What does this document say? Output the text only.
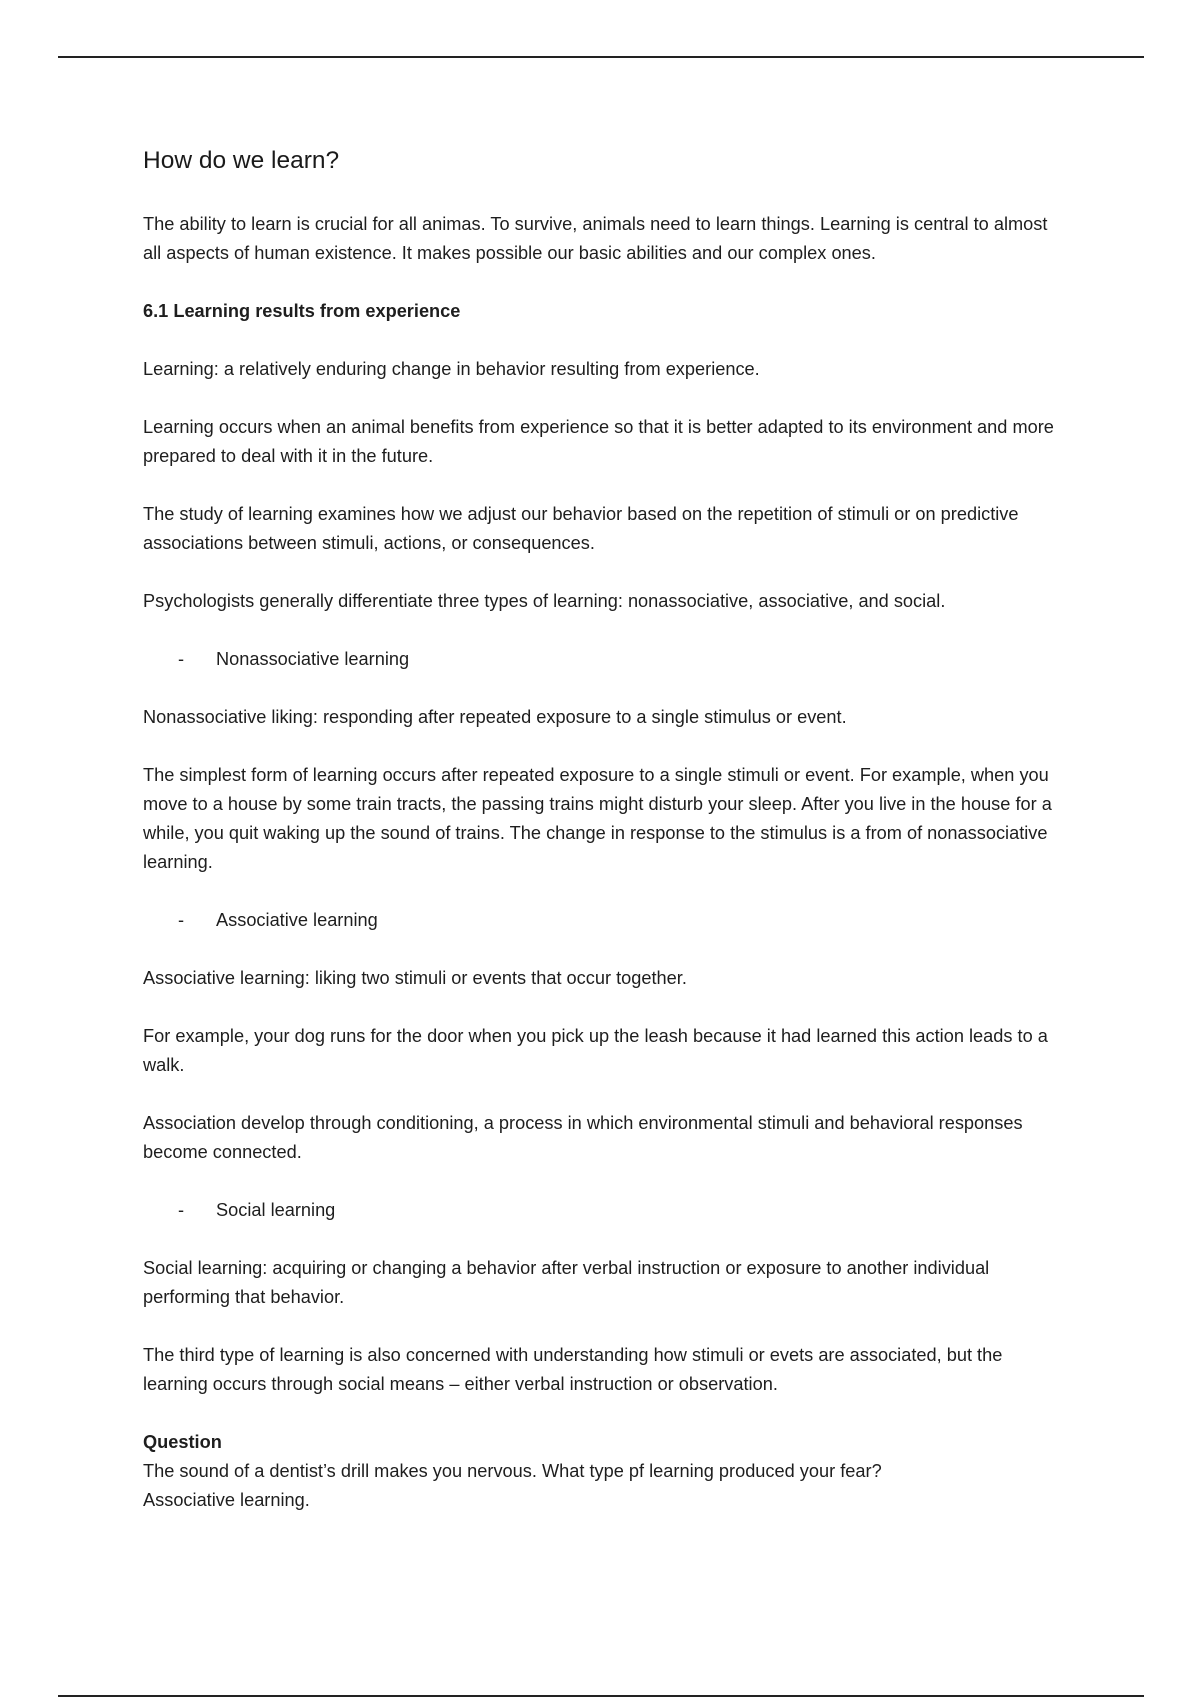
How do we learn?

The ability to learn is crucial for all animas. To survive, animals need to learn things. Learning is central to almost all aspects of human existence. It makes possible our basic abilities and our complex ones.

6.1 Learning results from experience

Learning: a relatively enduring change in behavior resulting from experience.

Learning occurs when an animal benefits from experience so that it is better adapted to its environment and more prepared to deal with it in the future.

The study of learning examines how we adjust our behavior based on the repetition of stimuli or on predictive associations between stimuli, actions, or consequences.

Psychologists generally differentiate three types of learning: nonassociative, associative, and social.

-	Nonassociative learning

Nonassociative liking: responding after repeated exposure to a single stimulus or event.

The simplest form of learning occurs after repeated exposure to a single stimuli or event. For example, when you move to a house by some train tracts, the passing trains might disturb your sleep. After you live in the house for a while, you quit waking up the sound of trains. The change in response to the stimulus is a from of nonassociative learning.

-	Associative learning

Associative learning: liking two stimuli or events that occur together.

For example, your dog runs for the door when you pick up the leash because it had learned this action leads to a walk.

Association develop through conditioning, a process in which environmental stimuli and behavioral responses become connected.

-	Social learning

Social learning: acquiring or changing a behavior after verbal instruction or exposure to another individual performing that behavior.

The third type of learning is also concerned with understanding how stimuli or evets are associated, but the learning occurs through social means – either verbal instruction or observation.

Question

The sound of a dentist’s drill makes you nervous. What type pf learning produced your fear?

Associative learning.
